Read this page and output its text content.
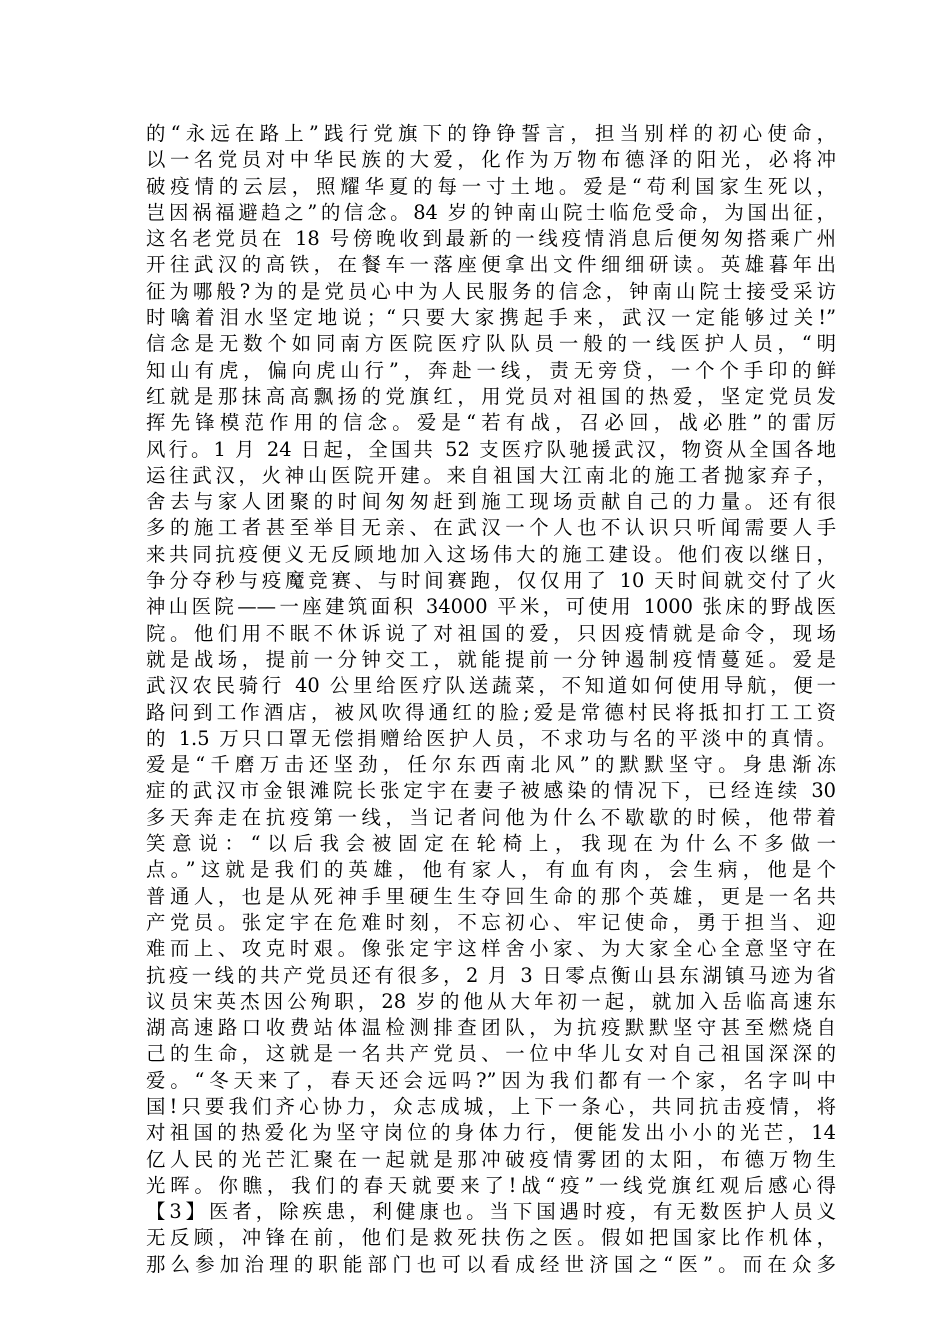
的“永远在路上”践行党旗下的铮铮誓言，担当别样的初心使命，
以一名党员对中华民族的大爱，化作为万物布德泽的阳光，必将冲
破疫情的云层，照耀华夏的每一寸土地。爱是“苟利国家生死以，
岂因祸福避趋之”的信念。84 岁的钟南山院士临危受命，为国出征，
这名老党员在 18 号傍晚收到最新的一线疫情消息后便匆匆搭乘广州
开往武汉的高铁，在餐车一落座便拿出文件细细研读。英雄暮年出
征为哪般?为的是党员心中为人民服务的信念，钟南山院士接受采访
时噙着泪水坚定地说；“只要大家携起手来，武汉一定能够过关!”
信念是无数个如同南方医院医疗队队员一般的一线医护人员，“明
知山有虎，偏向虎山行”，奔赴一线，责无旁贷，一个个手印的鲜
红就是那抹高高飘扬的党旗红，用党员对祖国的热爱，坚定党员发
挥先锋模范作用的信念。爱是“若有战，召必回，战必胜”的雷厉
风行。1 月 24 日起，全国共 52 支医疗队驰援武汉，物资从全国各地
运往武汉，火神山医院开建。来自祖国大江南北的施工者抛家弃子，
舍去与家人团聚的时间匆匆赶到施工现场贡献自己的力量。还有很
多的施工者甚至举目无亲、在武汉一个人也不认识只听闻需要人手
来共同抗疫便义无反顾地加入这场伟大的施工建设。他们夜以继日，
争分夺秒与疫魔竞赛、与时间赛跑，仅仅用了 10 天时间就交付了火
神山医院——一座建筑面积 34000 平米，可使用 1000 张床的野战医
院。他们用不眠不休诉说了对祖国的爱，只因疫情就是命令，现场
就是战场，提前一分钟交工，就能提前一分钟遏制疫情蔓延。爱是
武汉农民骑行 40 公里给医疗队送蔬菜，不知道如何使用导航，便一
路问到工作酒店，被风吹得通红的脸;爱是常德村民将抵扣打工工资
的 1.5 万只口罩无偿捐赠给医护人员，不求功与名的平淡中的真情。
爱是“千磨万击还坚劲，任尔东西南北风”的默默坚守。身患渐冻
症的武汉市金银滩院长张定宇在妻子被感染的情况下，已经连续 30
多天奔走在抗疫第一线，当记者问他为什么不歇歇的时候，他带着
笑意说：“以后我会被固定在轮椅上，我现在为什么不多做一
点。”这就是我们的英雄，他有家人，有血有肉，会生病，他是个
普通人，也是从死神手里硬生生夺回生命的那个英雄，更是一名共
产党员。张定宇在危难时刻，不忘初心、牢记使命，勇于担当、迎
难而上、攻克时艰。像张定宇这样舍小家、为大家全心全意坚守在
抗疫一线的共产党员还有很多，2 月 3 日零点衡山县东湖镇马迹为省
议员宋英杰因公殉职，28 岁的他从大年初一起，就加入岳临高速东
湖高速路口收费站体温检测排查团队，为抗疫默默坚守甚至燃烧自
己的生命，这就是一名共产党员、一位中华儿女对自己祖国深深的
爱。“冬天来了，春天还会远吗?”因为我们都有一个家，名字叫中
国!只要我们齐心协力，众志成城，上下一条心，共同抗击疫情，将
对祖国的热爱化为坚守岗位的身体力行，便能发出小小的光芒，14
亿人民的光芒汇聚在一起就是那冲破疫情雾团的太阳，布德万物生
光晖。你瞧，我们的春天就要来了!战“疫”一线党旗红观后感心得
【3】医者，除疾患，利健康也。当下国遇时疫，有无数医护人员义
无反顾，冲锋在前，他们是救死扶伤之医。假如把国家比作机体，
那么参加治理的职能部门也可以看成经世济国之“医”。而在众多
